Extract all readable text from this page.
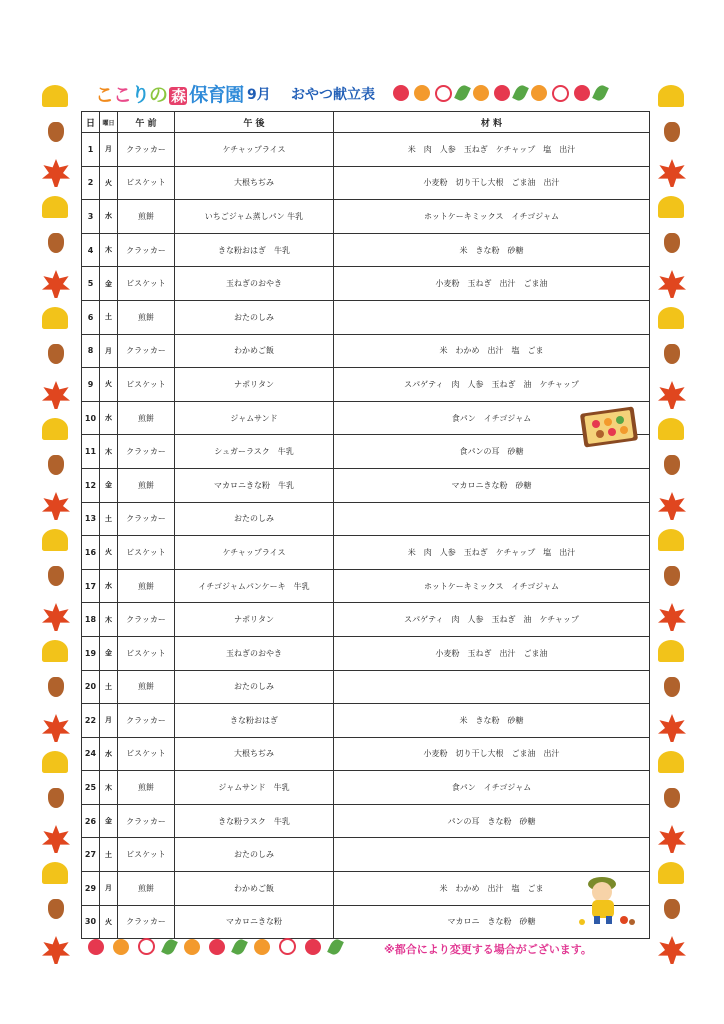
ここりの 森 保育園 9月 おやつ献立表
日	曜日	午 前	午 後	材 料
1	月	クラッカー	ケチャップライス	米　肉　人参　玉ねぎ　ケチャップ　塩　出汁
2	火	ビスケット	大根ちぢみ	小麦粉　切り干し大根　ごま油　出汁
3	水	煎餅	いちごジャム蒸しパン 牛乳	ホットケーキミックス　イチゴジャム
4	木	クラッカー	きな粉おはぎ　牛乳	米　きな粉　砂糖
5	金	ビスケット	玉ねぎのおやき	小麦粉　玉ねぎ　出汁　ごま油
6	土	煎餅	おたのしみ	
8	月	クラッカー	わかめご飯	米　わかめ　出汁　塩　ごま
9	火	ビスケット	ナポリタン	スパゲティ　肉　人参　玉ねぎ　油　ケチャップ
10	水	煎餅	ジャムサンド	食パン　イチゴジャム
11	木	クラッカー	シュガーラスク　牛乳	食パンの耳　砂糖
12	金	煎餅	マカロニきな粉　牛乳	マカロニきな粉　砂糖
13	土	クラッカー	おたのしみ	
16	火	ビスケット	ケチャップライス	米　肉　人参　玉ねぎ　ケチャップ　塩　出汁
17	水	煎餅	イチゴジャムパンケーキ　牛乳	ホットケーキミックス　イチゴジャム
18	木	クラッカー	ナポリタン	スパゲティ　肉　人参　玉ねぎ　油　ケチャップ
19	金	ビスケット	玉ねぎのおやき	小麦粉　玉ねぎ　出汁　ごま油
20	土	煎餅	おたのしみ	
22	月	クラッカー	きな粉おはぎ	米　きな粉　砂糖
24	水	ビスケット	大根ちぢみ	小麦粉　切り干し大根　ごま油　出汁
25	木	煎餅	ジャムサンド　牛乳	食パン　イチゴジャム
26	金	クラッカー	きな粉ラスク　牛乳	パンの耳　きな粉　砂糖
27	土	ビスケット	おたのしみ	
29	月	煎餅	わかめご飯	米　わかめ　出汁　塩　ごま
30	火	クラッカー	マカロニきな粉	マカロニ　きな粉　砂糖
※都合により変更する場合がございます。
